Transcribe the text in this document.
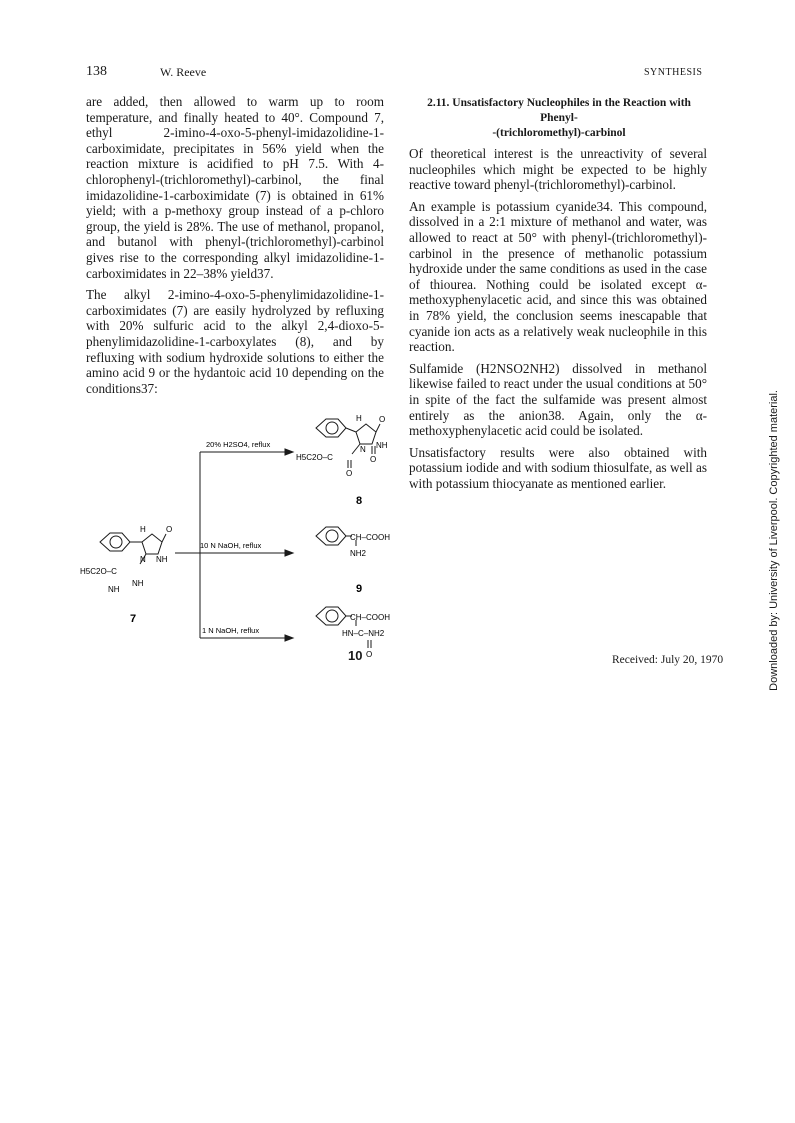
138	W. Reeve	SYNTHESIS

are added, then allowed to warm up to room temperature, and finally heated to 40°. Compound 7, ethyl 2-imino-4-oxo-5-phenyl-imidazolidine-1-carboximidate, precipitates in 56% yield when the reaction mixture is acidified to pH 7.5. With 4-chlorophenyl-(trichloromethyl)-carbinol, the final imidazolidine-1-carboximidate (7) is obtained in 61% yield; with a p-methoxy group instead of a p-chloro group, the yield is 28%. The use of methanol, propanol, and butanol with phenyl-(trichloromethyl)-carbinol gives rise to the corresponding alkyl imidazolidine-1-carboximidates in 22–38% yield37.

The alkyl 2-imino-4-oxo-5-phenylimidazolidine-1-carboximidates (7) are easily hydrolyzed by refluxing with 20% sulfuric acid to the alkyl 2,4-dioxo-5-phenylimidazolidine-1-carboxylates (8), and by refluxing with sodium hydroxide solutions to either the amino acid 9 or the hydantoic acid 10 depending on the conditions37:

2.11. Unsatisfactory Nucleophiles in the Reaction with Phenyl-
-(trichloromethyl)-carbinol

Of theoretical interest is the unreactivity of several nucleophiles which might be expected to be highly reactive toward phenyl-(trichloromethyl)-carbinol.

An example is potassium cyanide34. This compound, dissolved in a 2:1 mixture of methanol and water, was allowed to react at 50° with phenyl-(trichloromethyl)-carbinol in the presence of methanolic potassium hydroxide under the same conditions as used in the case of thiourea. Nothing could be isolated except α-methoxyphenylacetic acid, and since this was obtained in 78% yield, the conclusion seems inescapable that cyanide ion acts as a relatively weak nucleophile in this reaction.

Sulfamide (H2NSO2NH2) dissolved in methanol likewise failed to react under the usual conditions at 50° in spite of the fact the sulfamide was present almost entirely as the anion38. Again, only the α-methoxyphenylacetic acid could be isolated.

Unsatisfactory results were also obtained with potassium iodide and with sodium thiosulfate, as well as with potassium thiocyanate as mentioned earlier.

20% H2SO4, reflux
10 N NaOH, reflux
1 N NaOH, reflux
H	O
N NH
H5C2O–C
NH
NH
7
H O
N NH
H5C2O–C
O
O
8
CH–COOH
NH2
9
CH–COOH
HN–C–NH2
O
10	Received: July 20, 1970	Downloaded by: University of Liverpool. Copyrighted material.
